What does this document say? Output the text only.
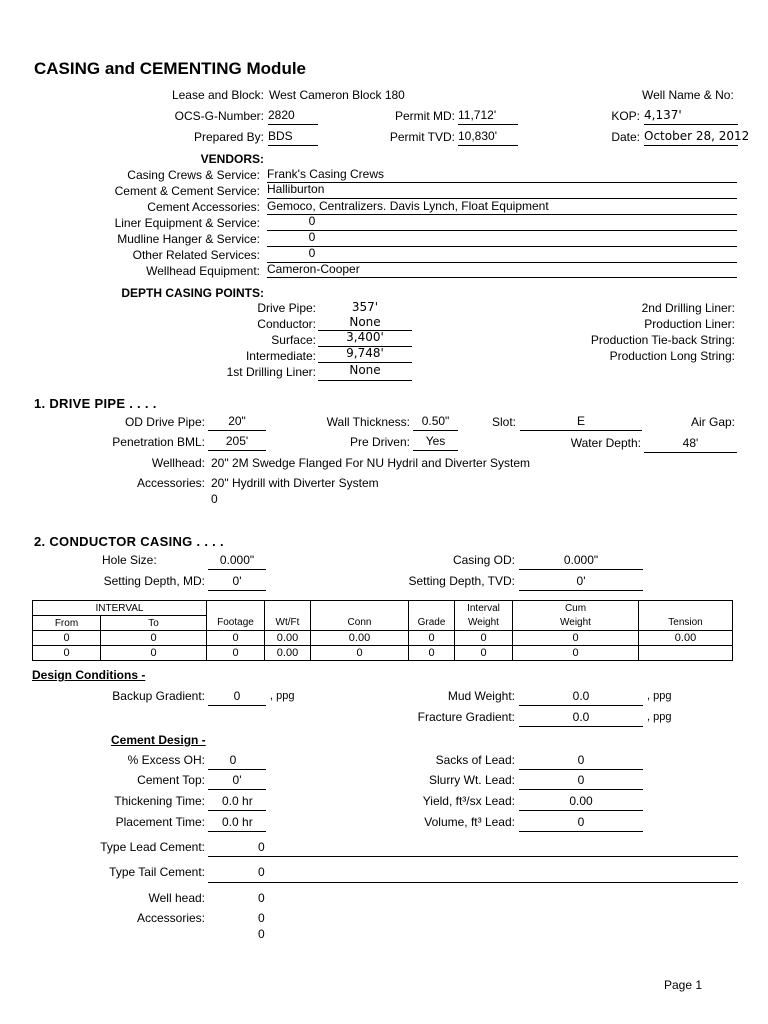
CASING and CEMENTING Module
Lease and Block: West Cameron Block 180	Well Name & No:
OCS-G-Number: 2820	Permit MD: 11,712'	KOP: 4,137'
Prepared By: BDS	Permit TVD: 10,830'	Date: October 28, 2012
VENDORS:
Casing Crews & Service: Frank's Casing Crews
Cement & Cement Service: Halliburton
Cement Accessories: Gemoco, Centralizers. Davis Lynch, Float Equipment
Liner Equipment & Service:	0
Mudline Hanger & Service:	0
Other Related Services:	0
Wellhead Equipment: Cameron-Cooper
DEPTH CASING POINTS:
Drive Pipe:	357'
Conductor:	None
Surface:	3,400'
Intermediate:	9,748'
1st Drilling Liner:	None
2nd Drilling Liner:
Production Liner:
Production Tie-back String:
Production Long String:
1. DRIVE PIPE . . . .
OD Drive Pipe:	20"	Wall Thickness: 0.50"	Slot:	E	Air Gap:
Penetration BML:	205'	Pre Driven:	Yes	Water Depth:	48'
Wellhead: 20" 2M Swedge Flanged For NU Hydril and Diverter System
Accessories: 20" Hydrill with Diverter System
0
2. CONDUCTOR CASING . . . .
Hole Size:	0.000"	Casing OD:	0.000"
Setting Depth, MD:	0'	Setting Depth, TVD:	0'
INTERVAL						Interval	Cum	
From	To	Footage	Wt/Ft	Conn	Grade	Weight	Weight	Tension
0	0	0	0.00	0.00	0	0	0	0.00
0	0	0	0.00	0	0	0	0	
Design Conditions -
Backup Gradient:	0	, ppg	Mud Weight:	0.0	, ppg
Fracture Gradient:	0.0	, ppg
Cement Design -
% Excess OH:	0	Sacks of Lead:	0
Cement Top:	0'	Slurry Wt. Lead:	0
Thickening Time: 0.0 hr	Yield, ft³/sx Lead:	0.00
Placement Time: 0.0 hr	Volume, ft³ Lead:	0
Type Lead Cement:	0
Type Tail Cement:	0
Well head:	0
Accessories:	0
0
Page 1
